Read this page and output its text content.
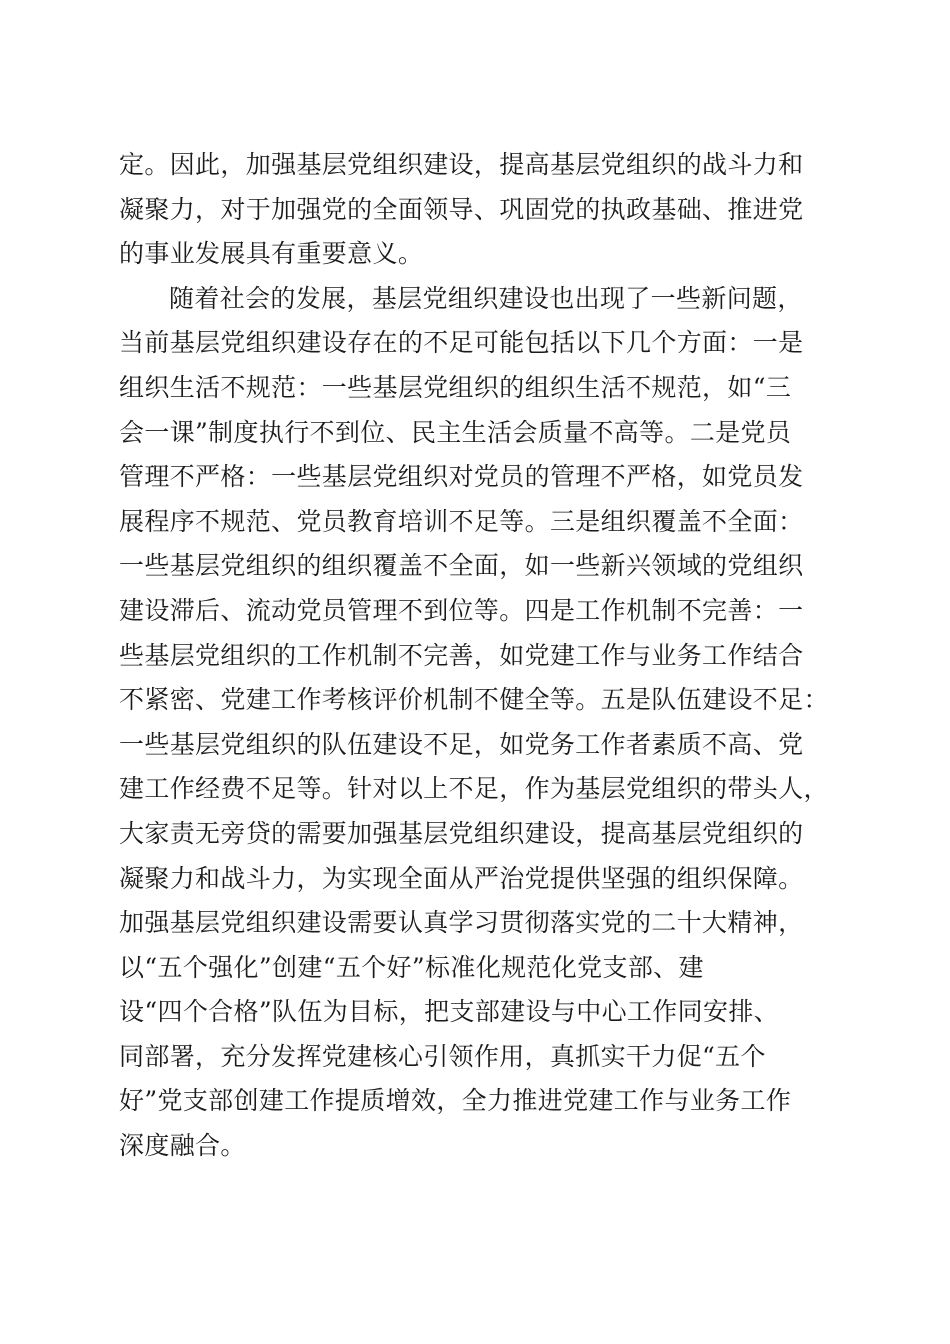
定。因此，加强基层党组织建设，提高基层党组织的战斗力和
凝聚力，对于加强党的全面领导、巩固党的执政基础、推进党
的事业发展具有重要意义。
随着社会的发展，基层党组织建设也出现了一些新问题，
当前基层党组织建设存在的不足可能包括以下几个方面：一是
组织生活不规范：一些基层党组织的组织生活不规范，如“三
会一课”制度执行不到位、民主生活会质量不高等。二是党员
管理不严格：一些基层党组织对党员的管理不严格，如党员发
展程序不规范、党员教育培训不足等。三是组织覆盖不全面：
一些基层党组织的组织覆盖不全面，如一些新兴领域的党组织
建设滞后、流动党员管理不到位等。四是工作机制不完善：一
些基层党组织的工作机制不完善，如党建工作与业务工作结合
不紧密、党建工作考核评价机制不健全等。五是队伍建设不足：
一些基层党组织的队伍建设不足，如党务工作者素质不高、党
建工作经费不足等。针对以上不足，作为基层党组织的带头人，
大家责无旁贷的需要加强基层党组织建设，提高基层党组织的
凝聚力和战斗力，为实现全面从严治党提供坚强的组织保障。
加强基层党组织建设需要认真学习贯彻落实党的二十大精神，
以“五个强化”创建“五个好”标准化规范化党支部、建
设“四个合格”队伍为目标，把支部建设与中心工作同安排、
同部署，充分发挥党建核心引领作用，真抓实干力促“五个
好”党支部创建工作提质增效，全力推进党建工作与业务工作
深度融合。
